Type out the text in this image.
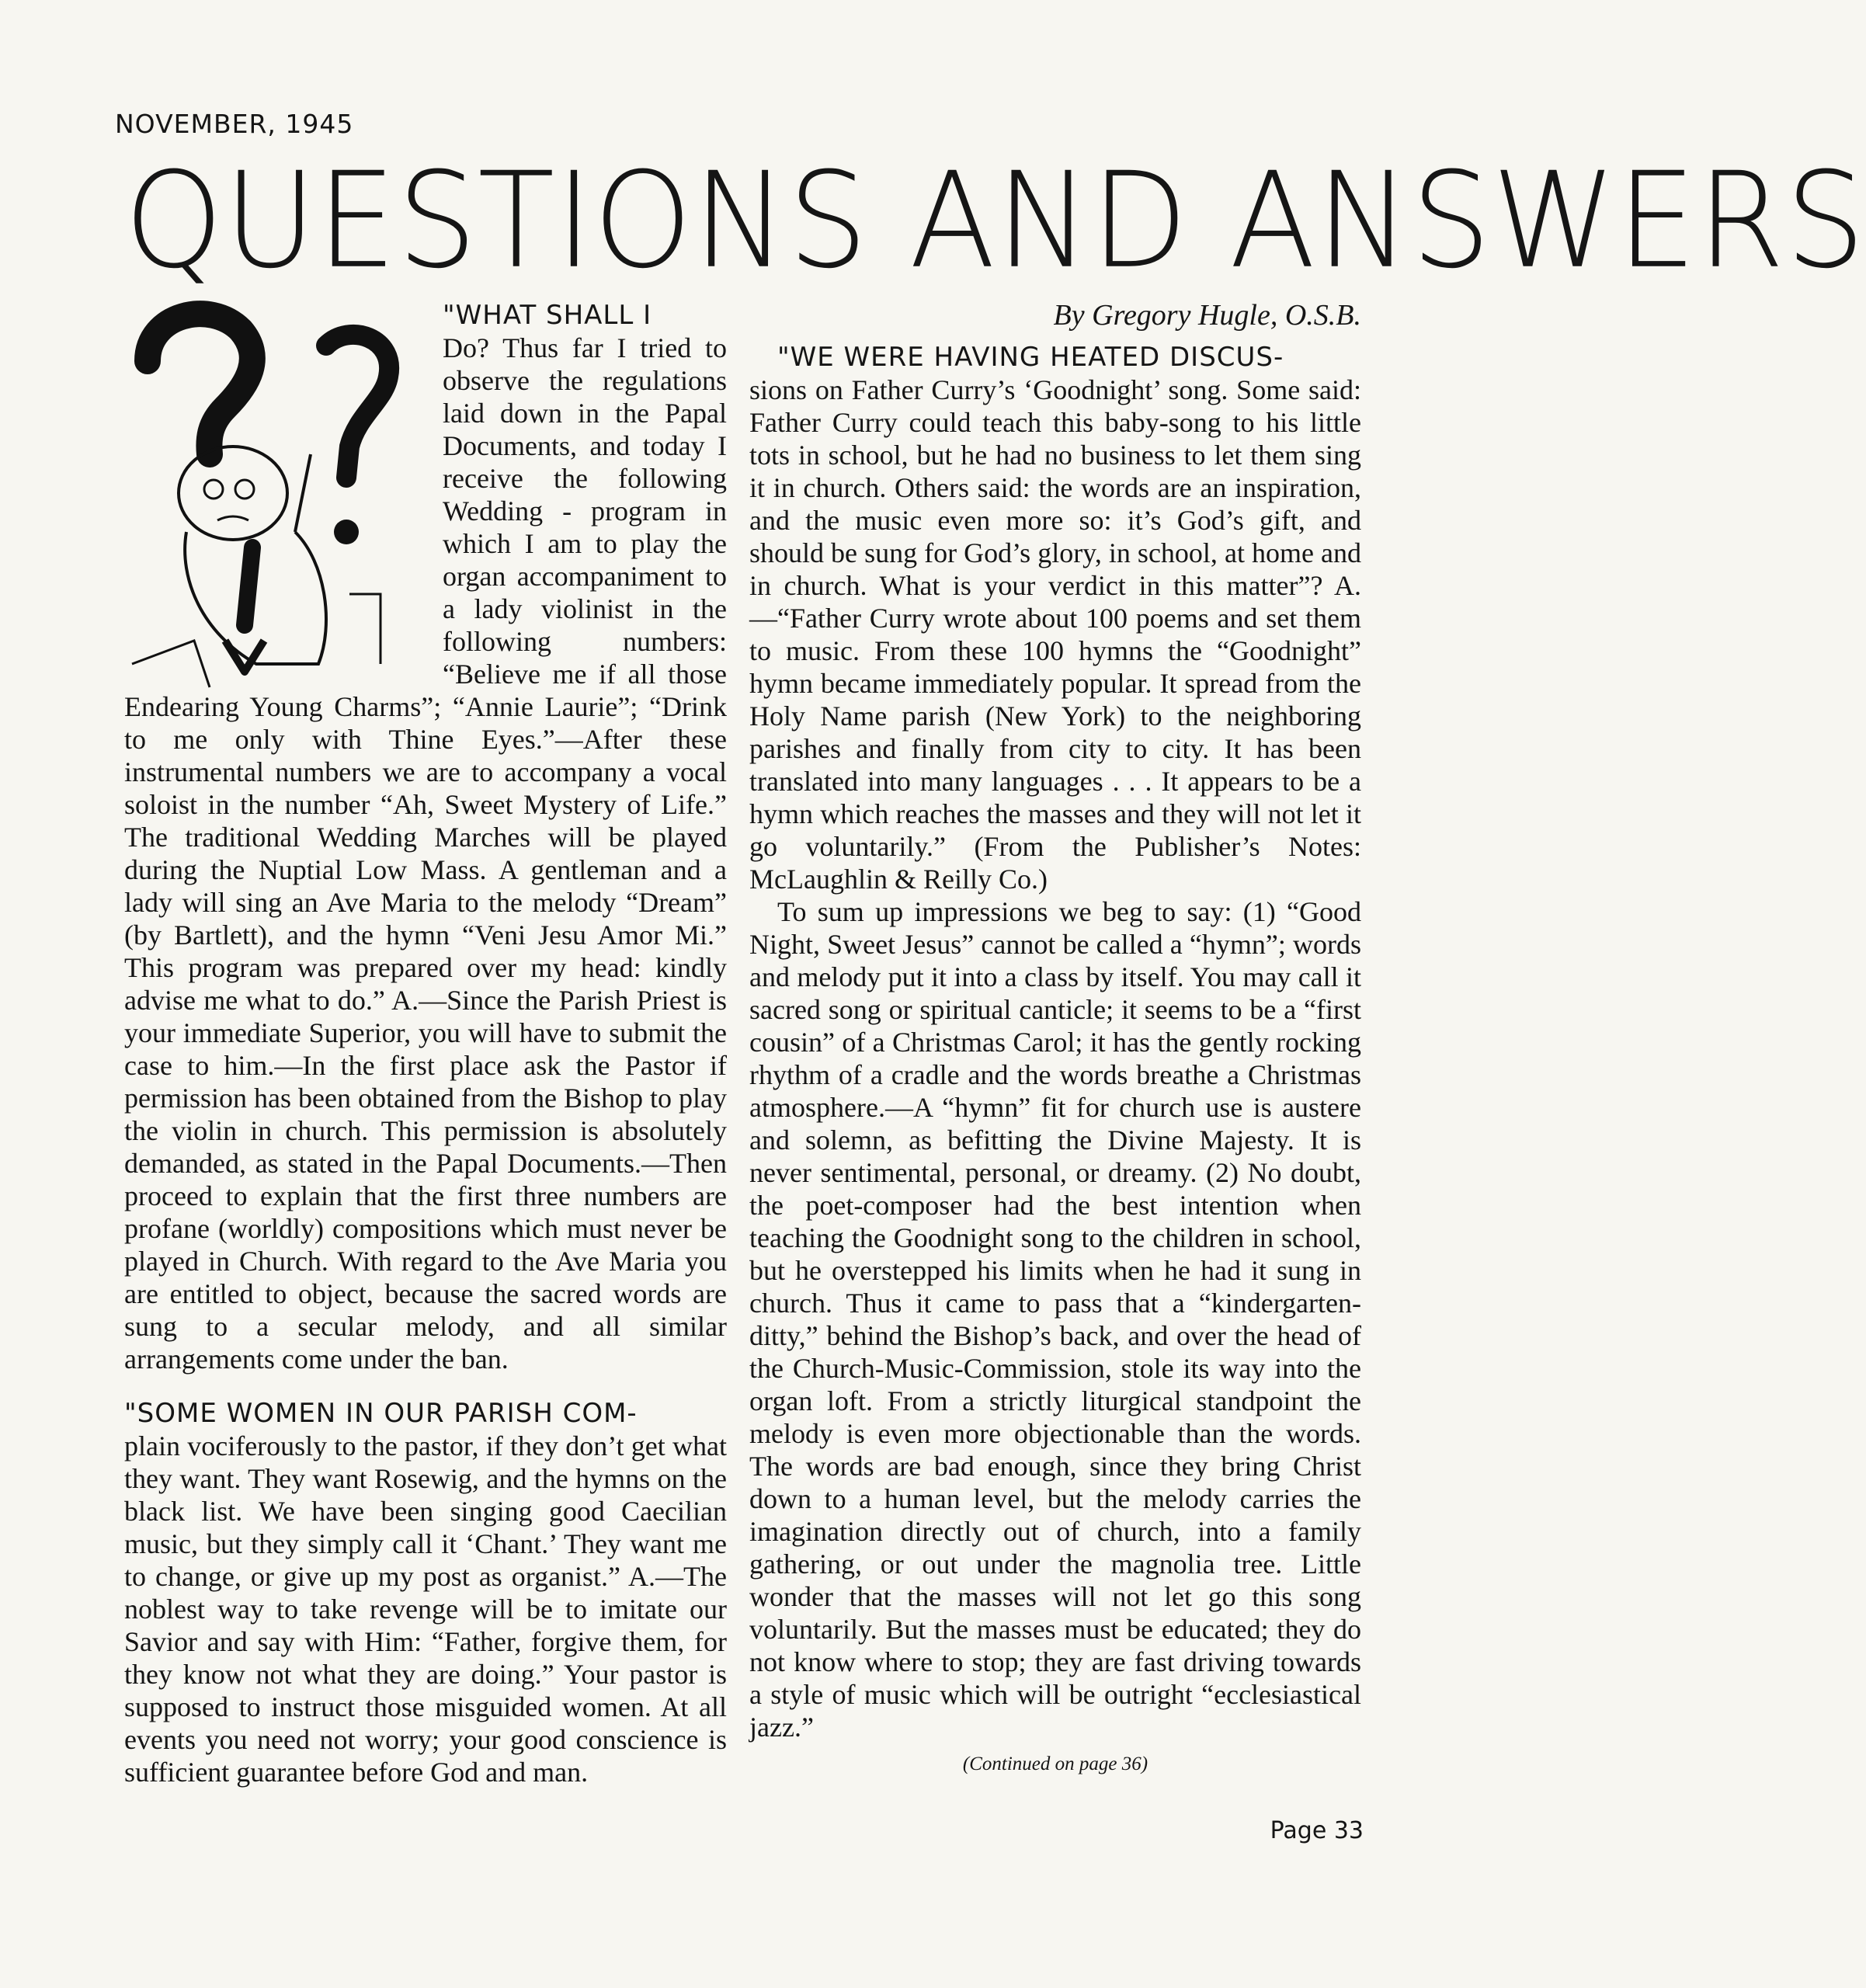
NOVEMBER, 1945
QUESTIONS AND ANSWERS

"WHAT SHALL I

Do? Thus far I tried to observe the regulations laid down in the Papal Documents, and today I receive the following Wedding - program in which I am to play the organ accompaniment to a lady violinist in the following numbers: “Believe me if all those Endearing Young Charms”; “Annie Laurie”; “Drink to me only with Thine Eyes.”—After these instrumental numbers we are to accompany a vocal soloist in the number “Ah, Sweet Mystery of Life.” The traditional Wedding Marches will be played during the Nuptial Low Mass. A gentleman and a lady will sing an Ave Maria to the melody “Dream” (by Bartlett), and the hymn “Veni Jesu Amor Mi.” This program was prepared over my head: kindly advise me what to do.” A.—Since the Parish Priest is your immediate Superior, you will have to submit the case to him.—In the first place ask the Pastor if permission has been obtained from the Bishop to play the violin in church. This permission is absolutely demanded, as stated in the Papal Documents.—Then proceed to explain that the first three numbers are profane (worldly) compositions which must never be played in Church. With regard to the Ave Maria you are entitled to object, because the sacred words are sung to a secular melody, and all similar arrangements come under the ban.

"SOME WOMEN IN OUR PARISH COM-

plain vociferously to the pastor, if they don’t get what they want. They want Rosewig, and the hymns on the black list. We have been singing good Caecilian music, but they simply call it ‘Chant.’ They want me to change, or give up my post as organist.” A.—The noblest way to take revenge will be to imitate our Savior and say with Him: “Father, forgive them, for they know not what they are doing.” Your pastor is supposed to instruct those misguided women. At all events you need not worry; your good conscience is sufficient guarantee before God and man.

By Gregory Hugle, O.S.B.

"WE WERE HAVING HEATED DISCUS-

sions on Father Curry’s ‘Goodnight’ song. Some said: Father Curry could teach this baby-song to his little tots in school, but he had no business to let them sing it in church. Others said: the words are an inspiration, and the music even more so: it’s God’s gift, and should be sung for God’s glory, in school, at home and in church. What is your verdict in this matter”? A.—“Father Curry wrote about 100 poems and set them to music. From these 100 hymns the “Goodnight” hymn became immediately popular. It spread from the Holy Name parish (New York) to the neighboring parishes and finally from city to city. It has been translated into many languages . . . It appears to be a hymn which reaches the masses and they will not let it go voluntarily.” (From the Publisher’s Notes: McLaughlin & Reilly Co.)

To sum up impressions we beg to say: (1) “Good Night, Sweet Jesus” cannot be called a “hymn”; words and melody put it into a class by itself. You may call it sacred song or spiritual canticle; it seems to be a “first cousin” of a Christmas Carol; it has the gently rocking rhythm of a cradle and the words breathe a Christmas atmosphere.—A “hymn” fit for church use is austere and solemn, as befitting the Divine Majesty. It is never sentimental, personal, or dreamy. (2) No doubt, the poet-composer had the best intention when teaching the Goodnight song to the children in school, but he overstepped his limits when he had it sung in church. Thus it came to pass that a “kindergarten-ditty,” behind the Bishop’s back, and over the head of the Church-Music-Commission, stole its way into the organ loft. From a strictly liturgical standpoint the melody is even more objectionable than the words. The words are bad enough, since they bring Christ down to a human level, but the melody carries the imagination directly out of church, into a family gathering, or out under the magnolia tree. Little wonder that the masses will not let go this song voluntarily. But the masses must be educated; they do not know where to stop; they are fast driving towards a style of music which will be outright “ecclesiastical jazz.”

(Continued on page 36)

Page 33
